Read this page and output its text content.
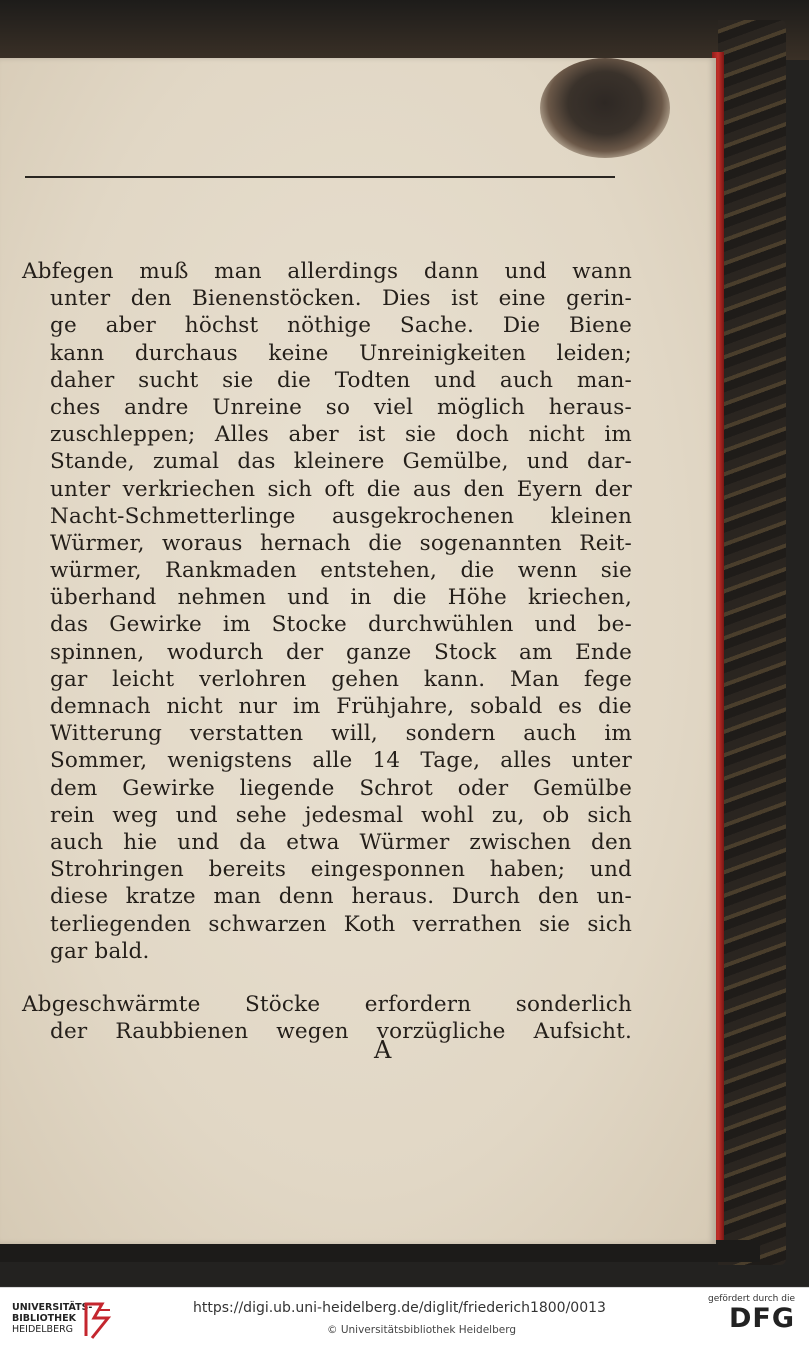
Abfegen muß man allerdings dann und wann
unter den Bienenstöcken. Dies ist eine gerin-
ge aber höchst nöthige Sache. Die Biene
kann durchaus keine Unreinigkeiten leiden;
daher sucht sie die Todten und auch man-
ches andre Unreine so viel möglich heraus-
zuschleppen; Alles aber ist sie doch nicht im
Stande, zumal das kleinere Gemülbe, und dar-
unter verkriechen sich oft die aus den Eyern der
Nacht-Schmetterlinge ausgekrochenen kleinen
Würmer, woraus hernach die sogenannten Reit-
würmer, Rankmaden entstehen, die wenn sie
überhand nehmen und in die Höhe kriechen,
das Gewirke im Stocke durchwühlen und be-
spinnen, wodurch der ganze Stock am Ende
gar leicht verlohren gehen kann. Man fege
demnach nicht nur im Frühjahre, sobald es die
Witterung verstatten will, sondern auch im
Sommer, wenigstens alle 14 Tage, alles unter
dem Gewirke liegende Schrot oder Gemülbe
rein weg und sehe jedesmal wohl zu, ob sich
auch hie und da etwa Würmer zwischen den
Strohringen bereits eingesponnen haben; und
diese kratze man denn heraus. Durch den un-
terliegenden schwarzen Koth verrathen sie sich
gar bald.
Abgeschwärmte Stöcke erfordern sonderlich
der Raubbienen wegen vorzügliche Aufsicht.
A
UNIVERSITÄTS-
BIBLIOTHEK
HEIDELBERG
https://digi.ub.uni-heidelberg.de/diglit/friederich1800/0013
© Universitätsbibliothek Heidelberg
gefördert durch die
DFG
